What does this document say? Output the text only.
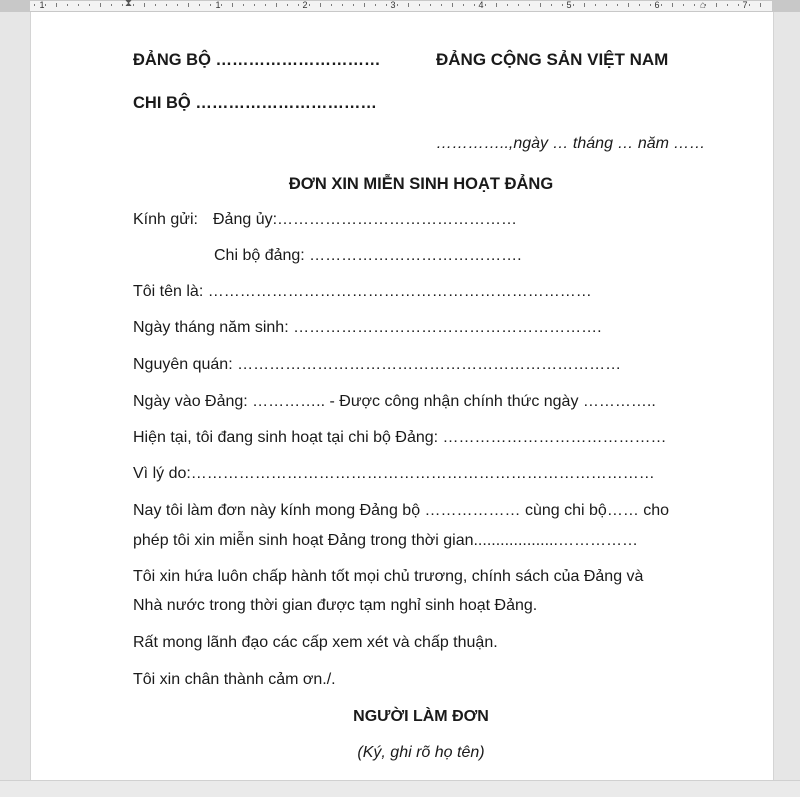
1	1	2	3	4	5	6	7
⧗	⌂
ĐẢNG BỘ …………………………	ĐẢNG CỘNG SẢN VIỆT NAM
CHI BỘ ……………………………
…………..,ngày … tháng … năm ……
ĐƠN XIN MIỄN SINH HOẠT ĐẢNG
Kính gửi: Đảng ủy:………………………………………
Chi bộ đảng: ………………………………….
Tôi tên là: ………………………………………………………………
Ngày tháng năm sinh: ………………………………………………….
Nguyên quán: ………………………………………………………………
Ngày vào Đảng: ………….. - Được công nhận chính thức ngày …………..
Hiện tại, tôi đang sinh hoạt tại chi bộ Đảng: ……………………………………
Vì lý do:……………………………………………………………………………
Nay tôi làm đơn này kính mong Đảng bộ ……………… cùng chi bộ…… cho
phép tôi xin miễn sinh hoạt Đảng trong thời gian...................……………
Tôi xin hứa luôn chấp hành tốt mọi chủ trương, chính sách của Đảng và
Nhà nước trong thời gian được tạm nghỉ sinh hoạt Đảng.
Rất mong lãnh đạo các cấp xem xét và chấp thuận.
Tôi xin chân thành cảm ơn./.
NGƯỜI LÀM ĐƠN
(Ký, ghi rõ họ tên)
